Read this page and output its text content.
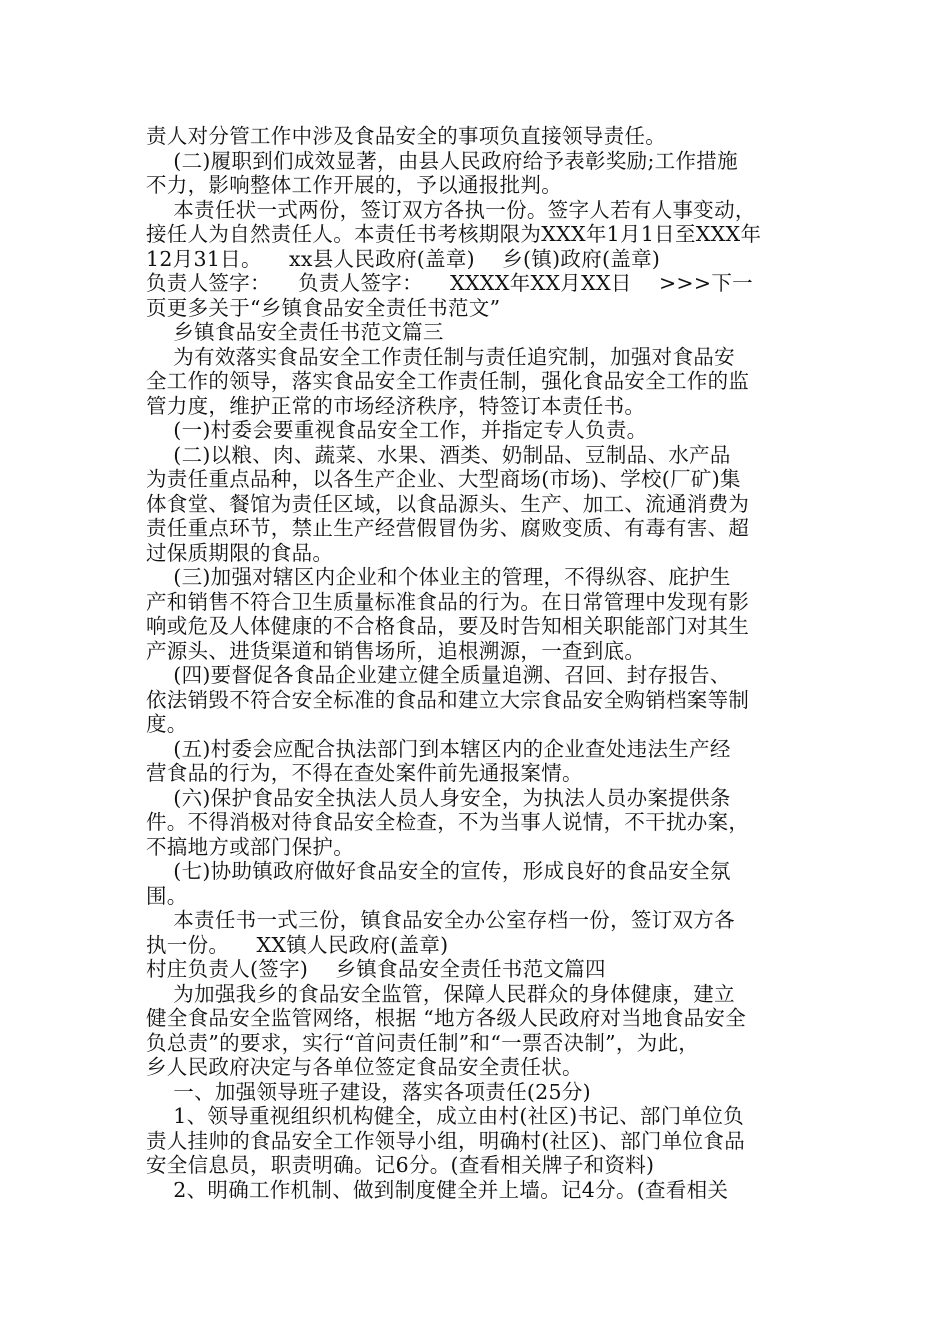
责人对分管工作中涉及食品安全的事项负直接领导责任。
(二)履职到们成效显著，由县人民政府给予表彰奖励;工作措施
不力，影响整体工作开展的，予以通报批判。
本责任状一式两份，签订双方各执一份。签字人若有人事变动，
接任人为自然责任人。本责任书考核期限为XXX年1月1日至XXX年
12月31日。    xx县人民政府(盖章)    乡(镇)政府(盖章)
负责人签字：    负责人签字：    XXXX年XX月XX日    >>>下一
页更多关于“乡镇食品安全责任书范文”
乡镇食品安全责任书范文篇三
为有效落实食品安全工作责任制与责任追究制，加强对食品安
全工作的领导，落实食品安全工作责任制，强化食品安全工作的监
管力度，维护正常的市场经济秩序，特签订本责任书。
(一)村委会要重视食品安全工作，并指定专人负责。
(二)以粮、肉、蔬菜、水果、酒类、奶制品、豆制品、水产品
为责任重点品种，以各生产企业、大型商场(市场)、学校(厂矿)集
体食堂、餐馆为责任区域，以食品源头、生产、加工、流通消费为
责任重点环节，禁止生产经营假冒伪劣、腐败变质、有毒有害、超
过保质期限的食品。
(三)加强对辖区内企业和个体业主的管理，不得纵容、庇护生
产和销售不符合卫生质量标准食品的行为。在日常管理中发现有影
响或危及人体健康的不合格食品，要及时告知相关职能部门对其生
产源头、进货渠道和销售场所，追根溯源，一查到底。
(四)要督促各食品企业建立健全质量追溯、召回、封存报告、
依法销毁不符合安全标准的食品和建立大宗食品安全购销档案等制
度。
(五)村委会应配合执法部门到本辖区内的企业查处违法生产经
营食品的行为，不得在查处案件前先通报案情。
(六)保护食品安全执法人员人身安全，为执法人员办案提供条
件。不得消极对待食品安全检查，不为当事人说情，不干扰办案，
不搞地方或部门保护。
(七)协助镇政府做好食品安全的宣传，形成良好的食品安全氛
围。
本责任书一式三份，镇食品安全办公室存档一份，签订双方各
执一份。    XX镇人民政府(盖章)
村庄负责人(签字)    乡镇食品安全责任书范文篇四
为加强我乡的食品安全监管，保障人民群众的身体健康，建立
健全食品安全监管网络，根据 “地方各级人民政府对当地食品安全
负总责”的要求，实行“首问责任制”和“一票否决制”，为此，
乡人民政府决定与各单位签定食品安全责任状。
一、加强领导班子建设，落实各项责任(25分)
1、领导重视组织机构健全，成立由村(社区)书记、部门单位负
责人挂帅的食品安全工作领导小组，明确村(社区)、部门单位食品
安全信息员，职责明确。记6分。(查看相关牌子和资料)
2、明确工作机制、做到制度健全并上墙。记4分。(查看相关
